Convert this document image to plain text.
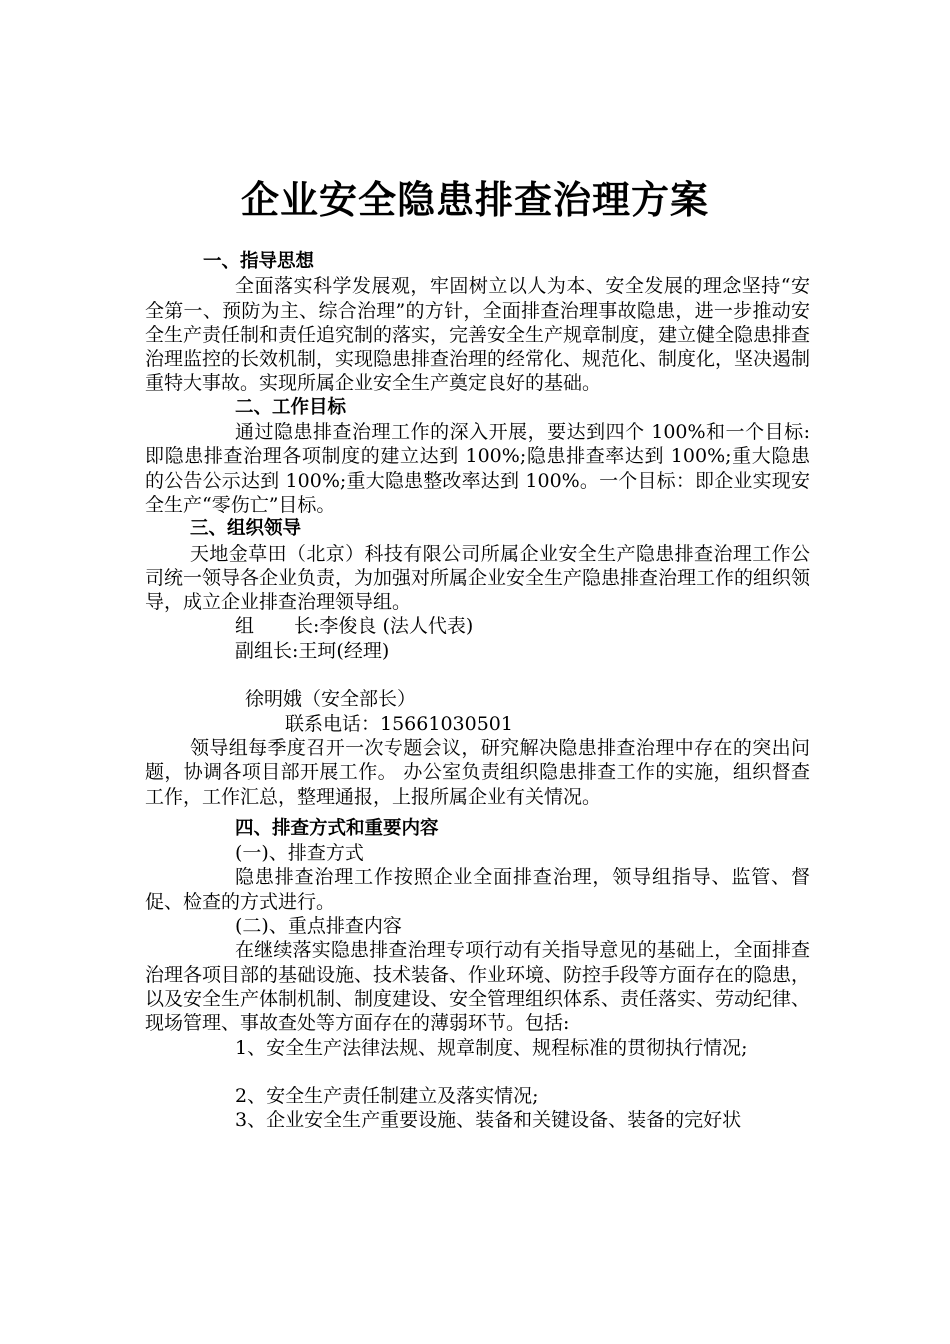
企业安全隐患排查治理方案

一、指导思想

全面落实科学发展观，牢固树立以人为本、安全发展的理念坚持“安全第一、预防为主、综合治理”的方针，全面排查治理事故隐患，进一步推动安全生产责任制和责任追究制的落实，完善安全生产规章制度，建立健全隐患排查治理监控的长效机制，实现隐患排查治理的经常化、规范化、制度化，坚决遏制重特大事故。实现所属企业安全生产奠定良好的基础。

二、工作目标

通过隐患排查治理工作的深入开展，要达到四个 100%和一个目标:即隐患排查治理各项制度的建立达到 100%;隐患排查率达到 100%;重大隐患的公告公示达到 100%;重大隐患整改率达到 100%。一个目标：即企业实现安全生产“零伤亡”目标。

三、组织领导

天地金草田（北京）科技有限公司所属企业安全生产隐患排查治理工作公司统一领导各企业负责，为加强对所属企业安全生产隐患排查治理工作的组织领导，成立企业排查治理领导组。

组 长:李俊良 (法人代表)

副组长:王珂(经理)

徐明娥（安全部长）

联系电话：15661030501

领导组每季度召开一次专题会议，研究解决隐患排查治理中存在的突出问题，协调各项目部开展工作。 办公室负责组织隐患排查工作的实施，组织督查工作，工作汇总，整理通报，上报所属企业有关情况。

四、排查方式和重要内容

(一)、排查方式

隐患排查治理工作按照企业全面排查治理，领导组指导、监管、督促、检查的方式进行。

(二)、重点排查内容

在继续落实隐患排查治理专项行动有关指导意见的基础上，全面排查治理各项目部的基础设施、技术装备、作业环境、防控手段等方面存在的隐患，以及安全生产体制机制、制度建设、安全管理组织体系、责任落实、劳动纪律、现场管理、事故查处等方面存在的薄弱环节。包括:

1、安全生产法律法规、规章制度、规程标准的贯彻执行情况;

2、安全生产责任制建立及落实情况;

3、企业安全生产重要设施、装备和关键设备、装备的完好状
